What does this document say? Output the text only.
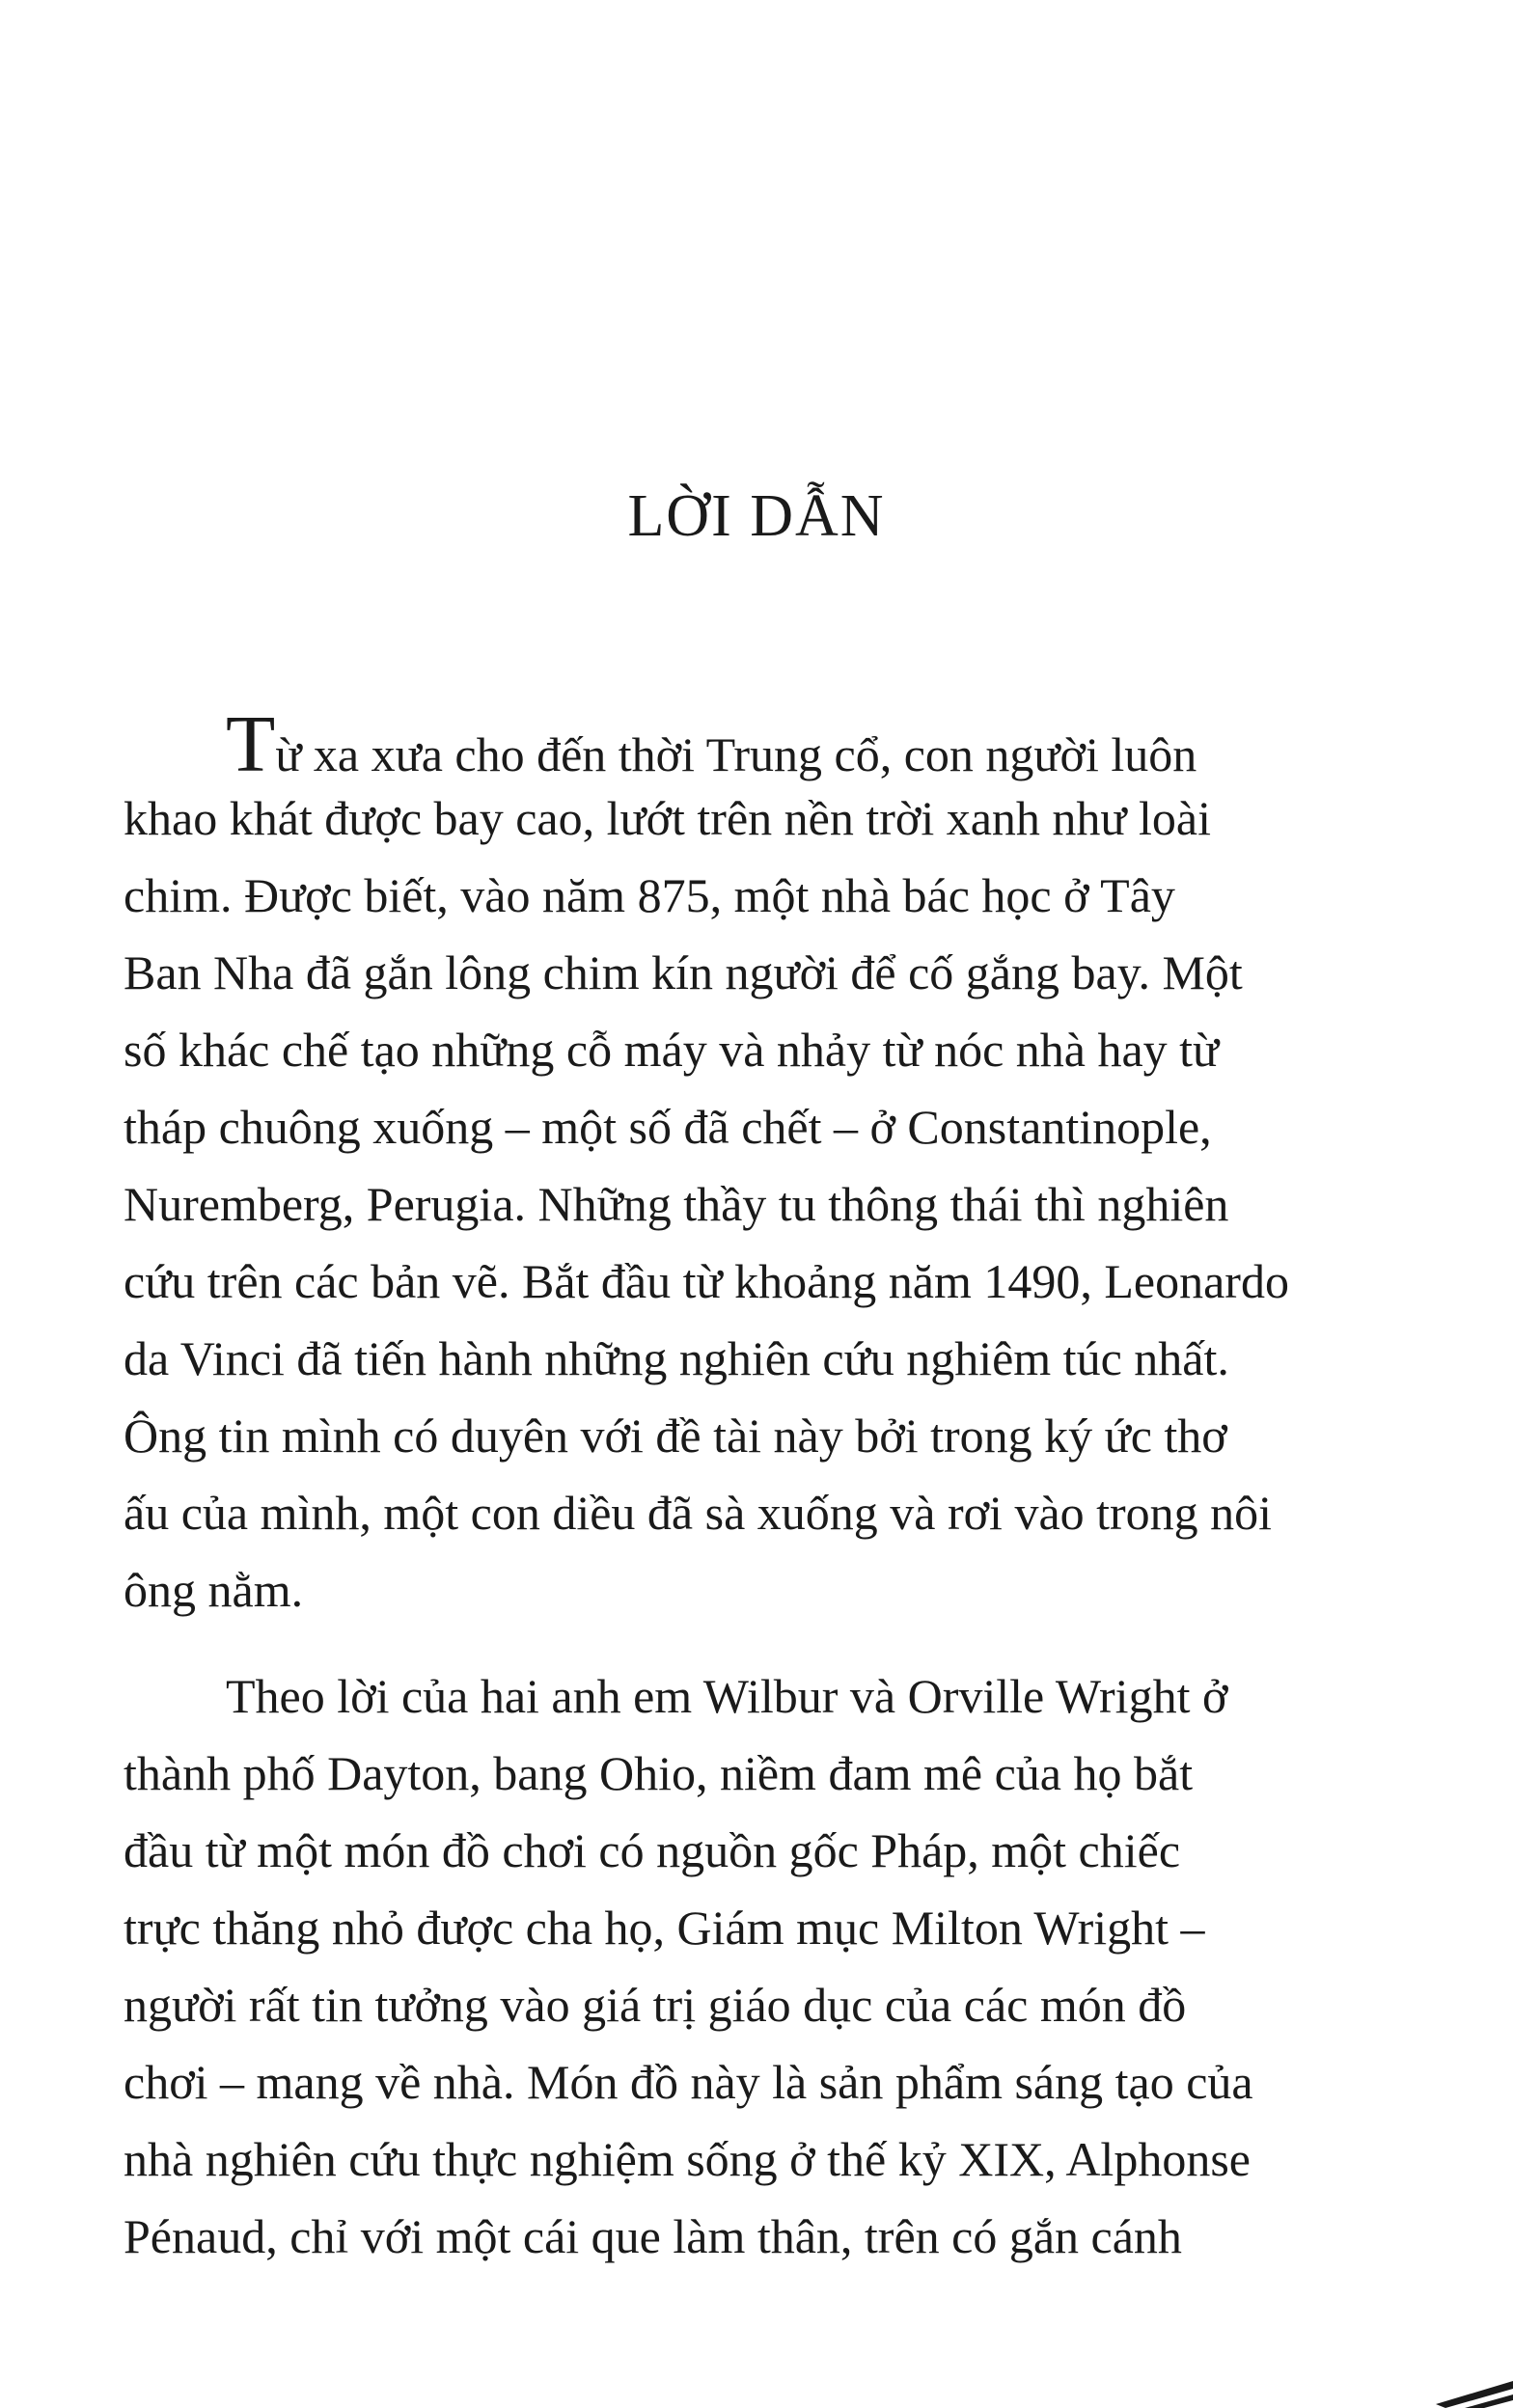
LỜI DẪN
Từ xa xưa cho đến thời Trung cổ, con người luôn
khao khát được bay cao, lướt trên nền trời xanh như loài
chim. Được biết, vào năm 875, một nhà bác học ở Tây
Ban Nha đã gắn lông chim kín người để cố gắng bay. Một
số khác chế tạo những cỗ máy và nhảy từ nóc nhà hay từ
tháp chuông xuống – một số đã chết – ở Constantinople,
Nuremberg, Perugia. Những thầy tu thông thái thì nghiên
cứu trên các bản vẽ. Bắt đầu từ khoảng năm 1490, Leonardo
da Vinci đã tiến hành những nghiên cứu nghiêm túc nhất.
Ông tin mình có duyên với đề tài này bởi trong ký ức thơ
ấu của mình, một con diều đã sà xuống và rơi vào trong nôi
ông nằm.
Theo lời của hai anh em Wilbur và Orville Wright ở
thành phố Dayton, bang Ohio, niềm đam mê của họ bắt
đầu từ một món đồ chơi có nguồn gốc Pháp, một chiếc
trực thăng nhỏ được cha họ, Giám mục Milton Wright –
người rất tin tưởng vào giá trị giáo dục của các món đồ
chơi – mang về nhà. Món đồ này là sản phẩm sáng tạo của
nhà nghiên cứu thực nghiệm sống ở thế kỷ XIX, Alphonse
Pénaud, chỉ với một cái que làm thân, trên có gắn cánh
